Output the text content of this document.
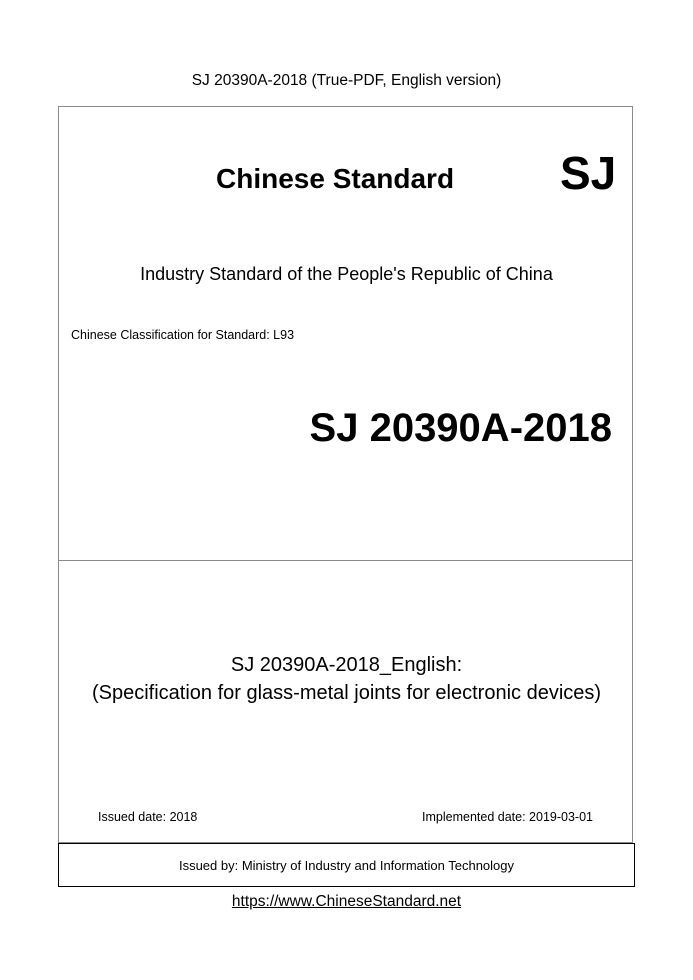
SJ 20390A-2018 (True-PDF, English version)
Chinese Standard SJ
Industry Standard of the People's Republic of China
Chinese Classification for Standard: L93
SJ 20390A-2018
SJ 20390A-2018_English:
(Specification for glass-metal joints for electronic devices)
Issued date: 2018	Implemented date: 2019-03-01
Issued by: Ministry of Industry and Information Technology
https://www.ChineseStandard.net
